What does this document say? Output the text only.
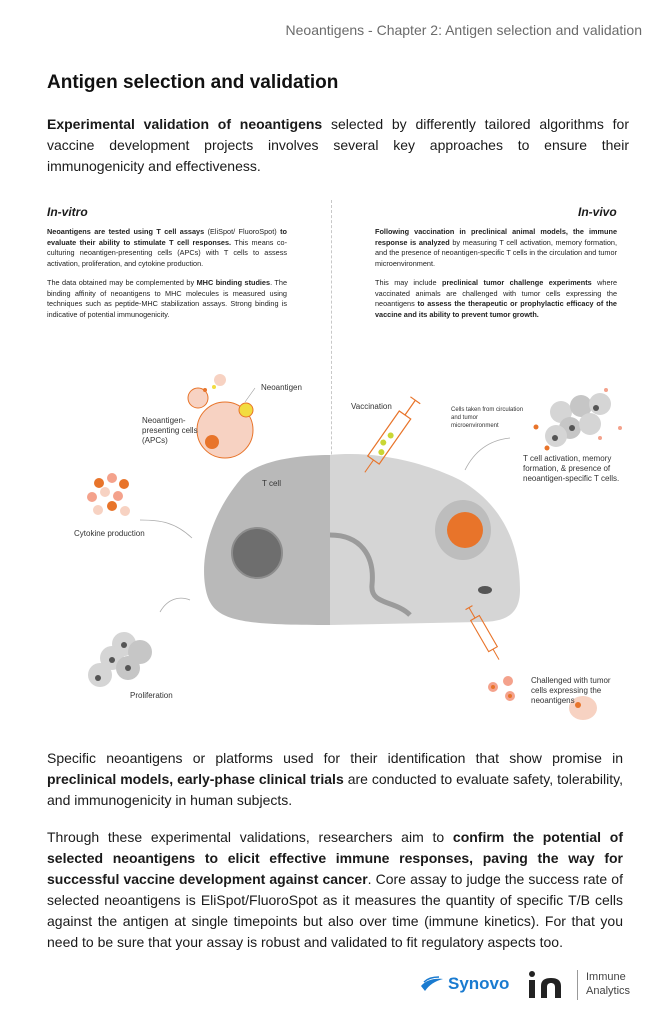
Neoantigens - Chapter 2: Antigen selection and validation
Antigen selection and validation
Experimental validation of neoantigens selected by differently tailored algorithms for vaccine development projects involves several key approaches to ensure their immunogenicity and effectiveness.
In-vitro	In-vivo

Neoantigens are tested using T cell assays (EliSpot/ FluoroSpot) to evaluate their ability to stimulate T cell responses. This means co-culturing neoantigen-presenting cells (APCs) with T cells to assess activation, proliferation, and cytokine production.

The data obtained may be complemented by MHC binding studies. The binding affinity of neoantigens to MHC molecules is measured using techniques such as peptide-MHC stabilization assays. Strong binding is indicative of potential immunogenicity.

Following vaccination in preclinical animal models, the immune response is analyzed by measuring T cell activation, memory formation, and the presence of neoantigen-specific T cells in the circulation and tumor microenvironment.

This may include preclinical tumor challenge experiments where vaccinated animals are challenged with tumor cells expressing the neoantigens to assess the therapeutic or prophylactic efficacy of the vaccine and its ability to prevent tumor growth.

Neoantigen
Neoantigen-presenting cells (APCs)
T cell
Cytokine production
Proliferation
Vaccination	Cells taken from circulation and tumor microenvironment
T cell activation, memory formation, & presence of neoantigen-specific T cells.
Challenged with tumor cells expressing the neoantigens
Specific neoantigens or platforms used for their identification that show promise in preclinical models, early-phase clinical trials are conducted to evaluate safety, tolerability, and immunogenicity in human subjects.
Through these experimental validations, researchers aim to confirm the potential of selected neoantigens to elicit effective immune responses, paving the way for successful vaccine development against cancer. Core assay to judge the success rate of selected neoantigens is EliSpot/FluoroSpot as it measures the quantity of specific T/B cells against the antigen at single timepoints but also over time (immune kinetics). For that you need to be sure that your assay is robust and validated to fit regulatory aspects too.
Synovo	Immune
Analytics
